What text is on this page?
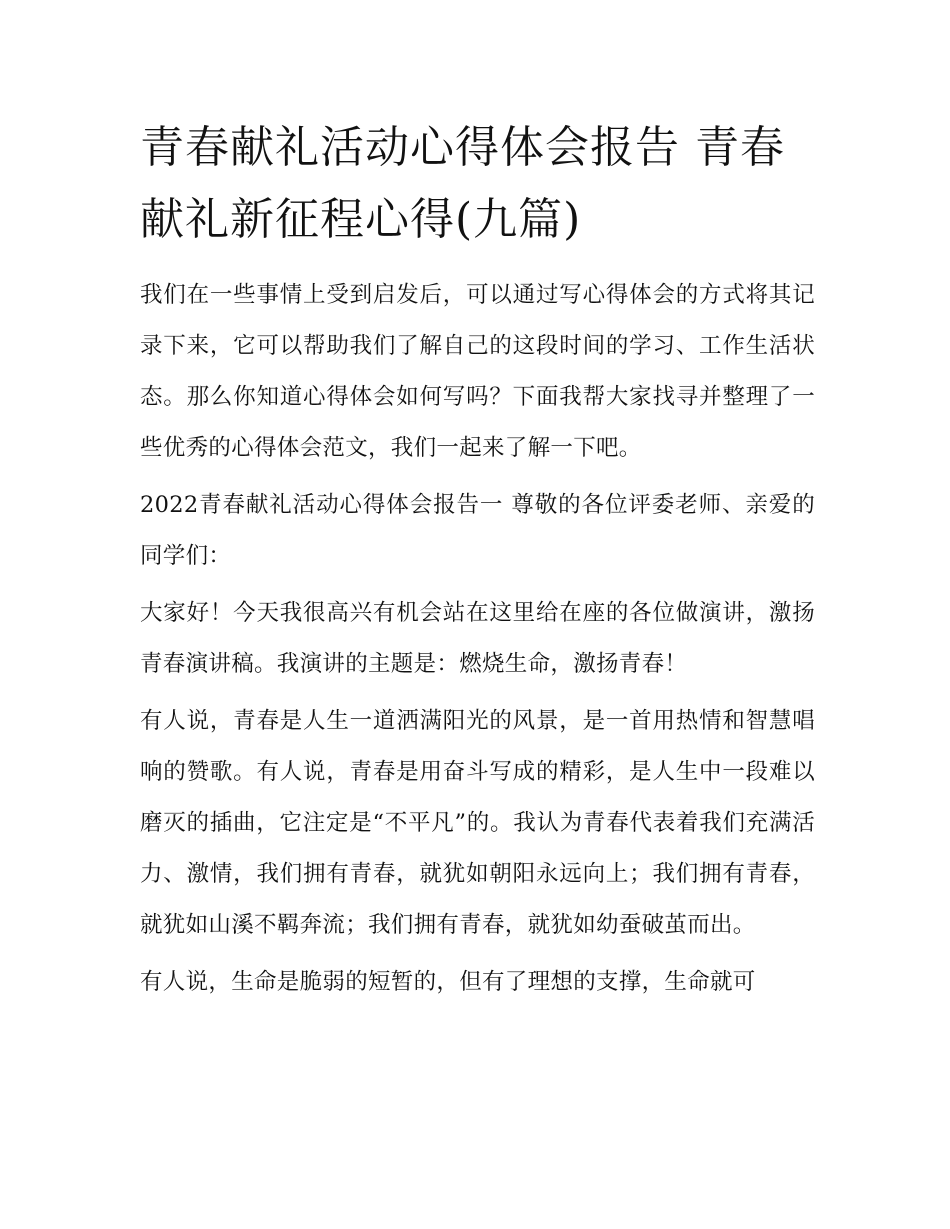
青春献礼活动心得体会报告 青春献礼新征程心得(九篇)

我们在一些事情上受到启发后，可以通过写心得体会的方式将其记录下来，它可以帮助我们了解自己的这段时间的学习、工作生活状态。那么你知道心得体会如何写吗？下面我帮大家找寻并整理了一些优秀的心得体会范文，我们一起来了解一下吧。

2022青春献礼活动心得体会报告一 尊敬的各位评委老师、亲爱的同学们：

大家好！今天我很高兴有机会站在这里给在座的各位做演讲，激扬青春演讲稿。我演讲的主题是：燃烧生命，激扬青春！

有人说，青春是人生一道洒满阳光的风景，是一首用热情和智慧唱响的赞歌。有人说，青春是用奋斗写成的精彩，是人生中一段难以磨灭的插曲，它注定是“不平凡”的。我认为青春代表着我们充满活力、激情，我们拥有青春，就犹如朝阳永远向上；我们拥有青春，就犹如山溪不羁奔流；我们拥有青春，就犹如幼蚕破茧而出。

有人说，生命是脆弱的短暂的，但有了理想的支撑，生命就可
